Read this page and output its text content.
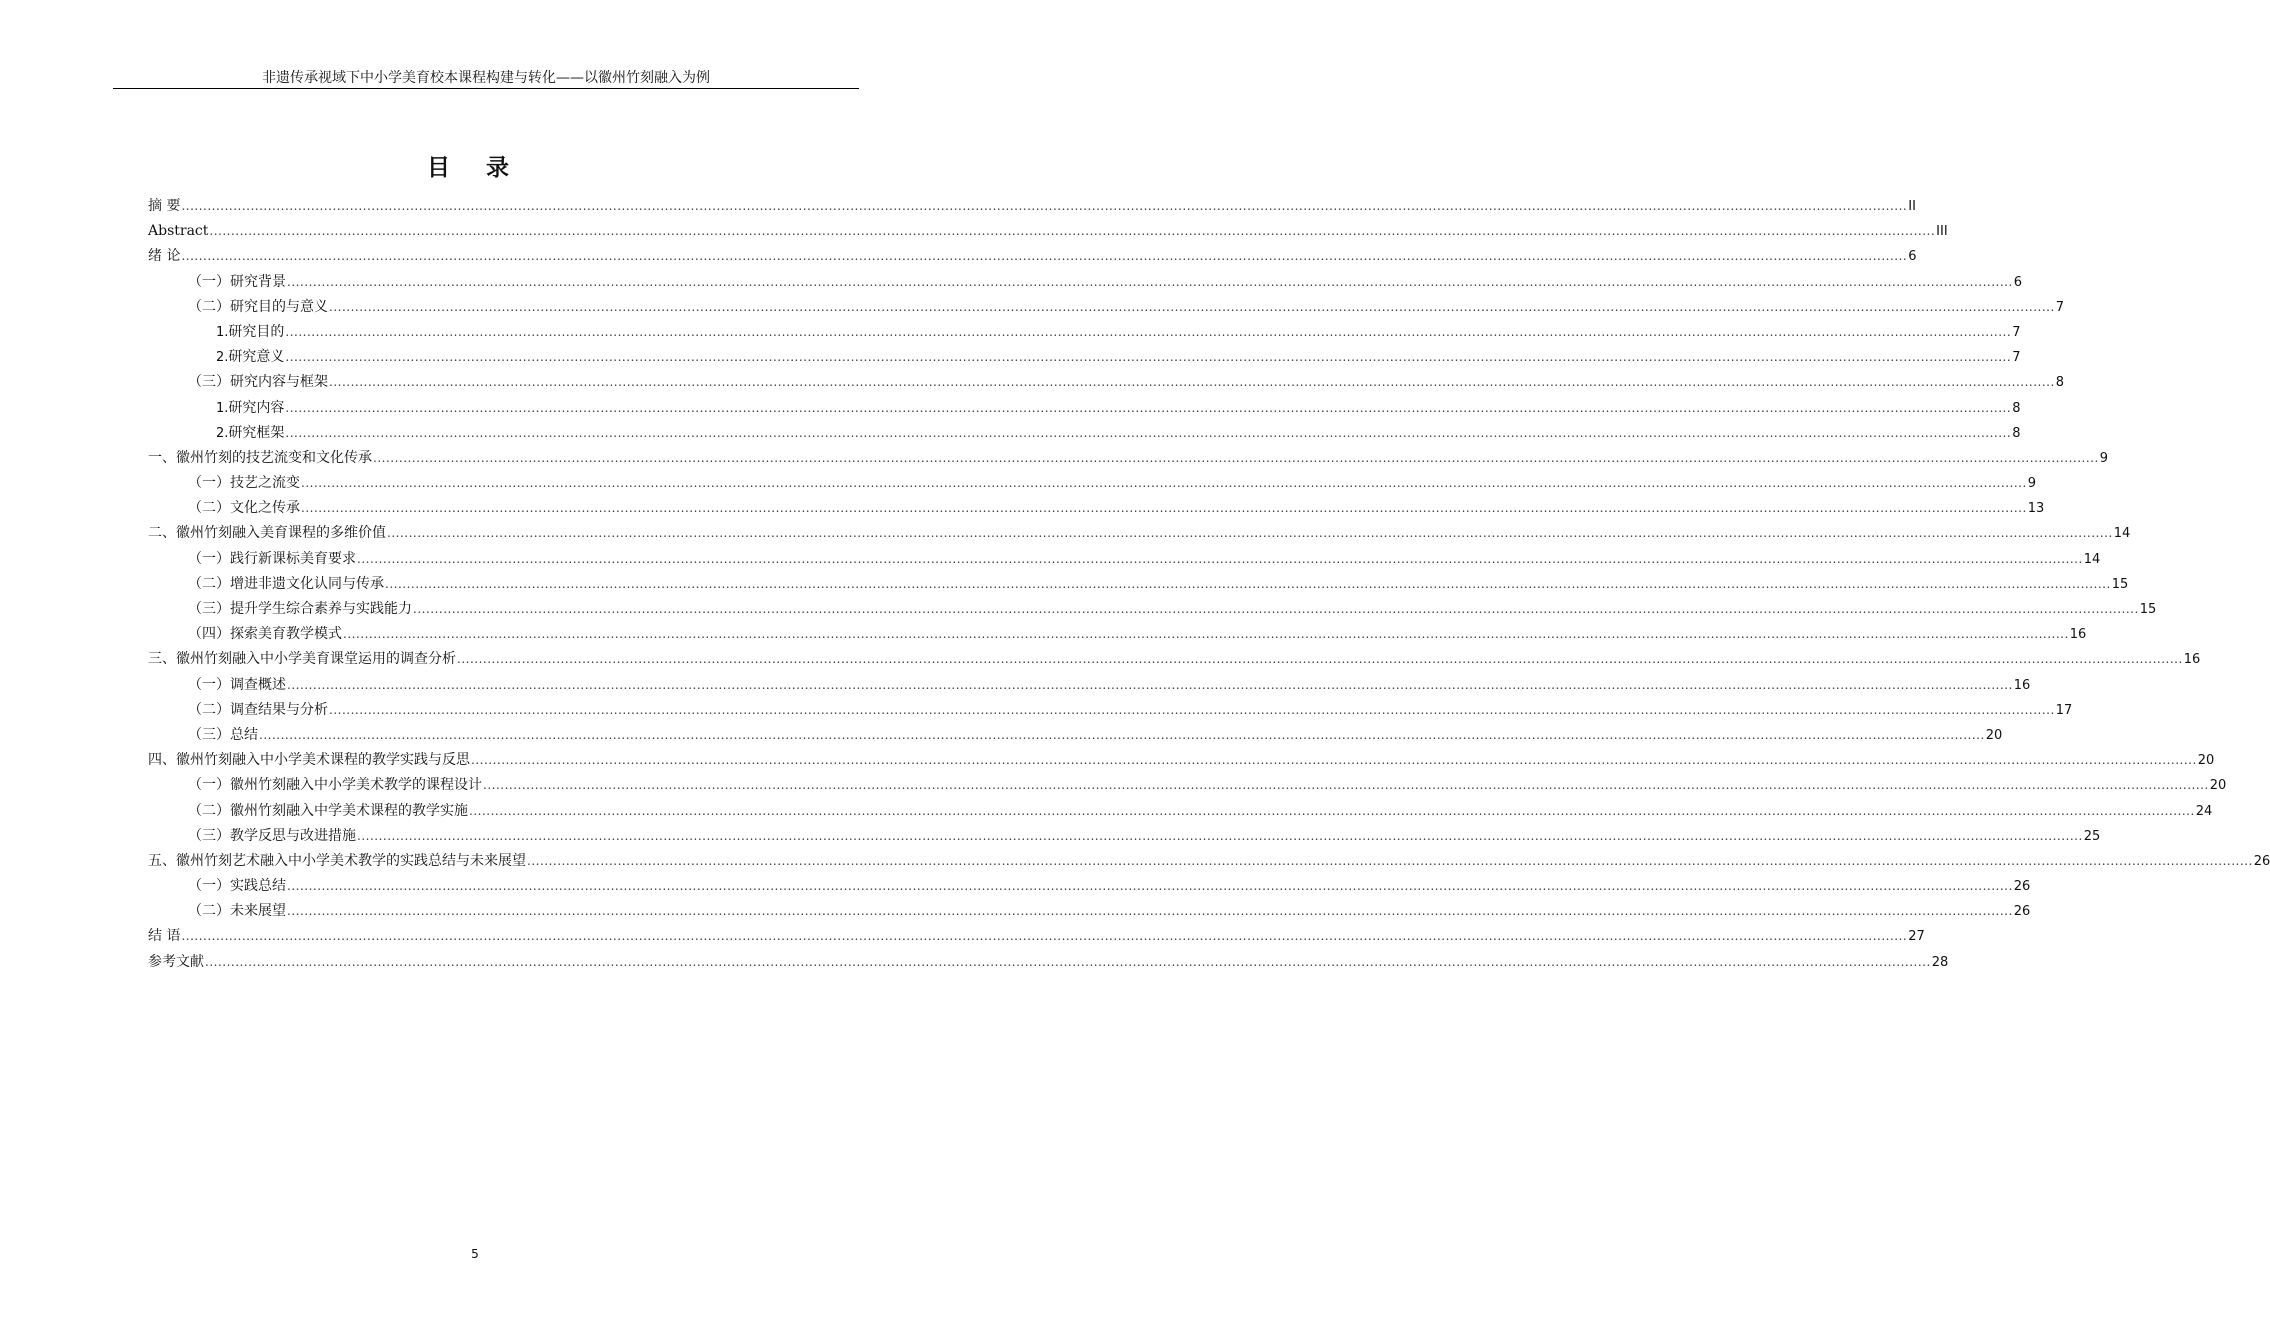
非遗传承视域下中小学美育校本课程构建与转化——以徽州竹刻融入为例
目 录
摘 要 ................................................................................................................................................................................................................................................................................................................................................................................................................ II
Abstract ................................................................................................................................................................................................................................................................................................................................................................................................................ III
绪 论 ................................................................................................................................................................................................................................................................................................................................................................................................................ 6
（一） 研究背景 ................................................................................................................................................................................................................................................................................................................................................................................................................ 6
（二） 研究目的与意义 ................................................................................................................................................................................................................................................................................................................................................................................................................ 7
1. 研究目的 ................................................................................................................................................................................................................................................................................................................................................................................................................ 7
2. 研究意义 ................................................................................................................................................................................................................................................................................................................................................................................................................ 7
（三） 研究内容与框架 ................................................................................................................................................................................................................................................................................................................................................................................................................ 8
1. 研究内容 ................................................................................................................................................................................................................................................................................................................................................................................................................ 8
2. 研究框架 ................................................................................................................................................................................................................................................................................................................................................................................................................ 8
一、 徽州竹刻的技艺流变和文化传承 ................................................................................................................................................................................................................................................................................................................................................................................................................ 9
（一） 技艺之流变 ................................................................................................................................................................................................................................................................................................................................................................................................................ 9
（二） 文化之传承 ................................................................................................................................................................................................................................................................................................................................................................................................................ 13
二、 徽州竹刻融入美育课程的多维价值 ................................................................................................................................................................................................................................................................................................................................................................................................................ 14
（一） 践行新课标美育要求 ................................................................................................................................................................................................................................................................................................................................................................................................................ 14
（二） 增进非遗文化认同与传承 ................................................................................................................................................................................................................................................................................................................................................................................................................ 15
（三） 提升学生综合素养与实践能力 ................................................................................................................................................................................................................................................................................................................................................................................................................ 15
（四） 探索美育教学模式 ................................................................................................................................................................................................................................................................................................................................................................................................................ 16
三、 徽州竹刻融入中小学美育课堂运用的调查分析 ................................................................................................................................................................................................................................................................................................................................................................................................................ 16
（一） 调查概述 ................................................................................................................................................................................................................................................................................................................................................................................................................ 16
（二） 调查结果与分析 ................................................................................................................................................................................................................................................................................................................................................................................................................ 17
（三） 总结 ................................................................................................................................................................................................................................................................................................................................................................................................................ 20
四、 徽州竹刻融入中小学美术课程的教学实践与反思 ................................................................................................................................................................................................................................................................................................................................................................................................................ 20
（一） 徽州竹刻融入中小学美术教学的课程设计 ................................................................................................................................................................................................................................................................................................................................................................................................................ 20
（二） 徽州竹刻融入中学美术课程的教学实施 ................................................................................................................................................................................................................................................................................................................................................................................................................ 24
（三） 教学反思与改进措施 ................................................................................................................................................................................................................................................................................................................................................................................................................ 25
五、徽州竹刻艺术融入中小学美术教学的实践总结与未来展望 ................................................................................................................................................................................................................................................................................................................................................................................................................ 26
（一） 实践总结 ................................................................................................................................................................................................................................................................................................................................................................................................................ 26
（二） 未来展望 ................................................................................................................................................................................................................................................................................................................................................................................................................ 26
结 语 ................................................................................................................................................................................................................................................................................................................................................................................................................ 27
参考文献 ................................................................................................................................................................................................................................................................................................................................................................................................................ 28
5
